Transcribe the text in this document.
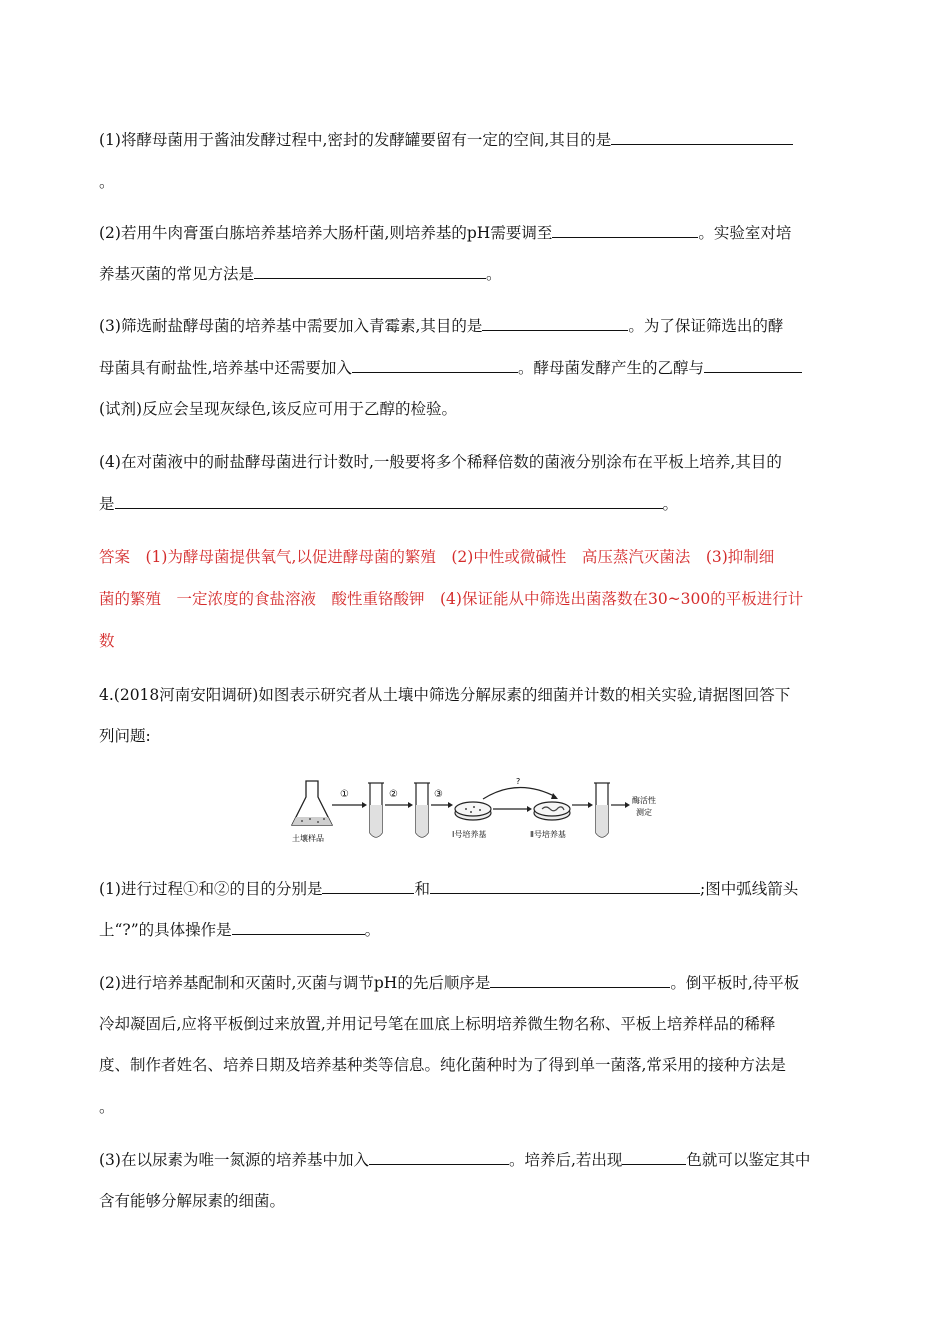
(1)将酵母菌用于酱油发酵过程中,密封的发酵罐要留有一定的空间,其目的是
。
(2)若用牛肉膏蛋白胨培养基培养大肠杆菌,则培养基的pH需要调至	。实验室对培
养基灭菌的常见方法是	。
(3)筛选耐盐酵母菌的培养基中需要加入青霉素,其目的是	。为了保证筛选出的酵
母菌具有耐盐性,培养基中还需要加入	。酵母菌发酵产生的乙醇与
(试剂)反应会呈现灰绿色,该反应可用于乙醇的检验。
(4)在对菌液中的耐盐酵母菌进行计数时,一般要将多个稀释倍数的菌液分别涂布在平板上培养,其目的
是	。
答案　(1)为酵母菌提供氧气,以促进酵母菌的繁殖　(2)中性或微碱性　高压蒸汽灭菌法　(3)抑制细
菌的繁殖　一定浓度的食盐溶液　酸性重铬酸钾　(4)保证能从中筛选出菌落数在30~300的平板进行计
数
4.(2018河南安阳调研)如图表示研究者从土壤中筛选分解尿素的细菌并计数的相关实验,请据图回答下
列问题:
土壤样品
①	②	③
Ⅰ号培养基
?
Ⅱ号培养基
酶活性
测定
(1)进行过程①和②的目的分别是	和	;图中弧线箭头
上“?”的具体操作是	。
(2)进行培养基配制和灭菌时,灭菌与调节pH的先后顺序是	。倒平板时,待平板
冷却凝固后,应将平板倒过来放置,并用记号笔在皿底上标明培养微生物名称、平板上培养样品的稀释
度、制作者姓名、培养日期及培养基种类等信息。纯化菌种时为了得到单一菌落,常采用的接种方法是
。
(3)在以尿素为唯一氮源的培养基中加入	。培养后,若出现	色就可以鉴定其中
含有能够分解尿素的细菌。
